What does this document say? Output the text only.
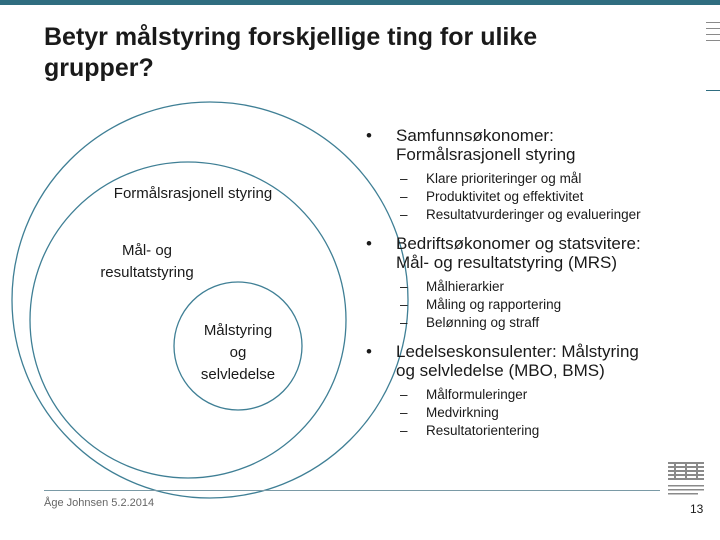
Betyr målstyring forskjellige ting for ulike grupper?
Formålsrasjonell styring
Mål- og
resultatstyring
Målstyring
og
selvledelse
• Samfunnsøkonomer:
Formålsrasjonell styring
– Klare prioriteringer og mål
– Produktivitet og effektivitet
– Resultatvurderinger og evalueringer
• Bedriftsøkonomer og statsvitere:
Mål- og resultatstyring (MRS)
– Målhierarkier
– Måling og rapportering
– Belønning og straff
• Ledelseskonsulenter: Målstyring
og selvledelse (MBO, BMS)
– Målformuleringer
– Medvirkning
– Resultatorientering
Åge Johnsen 5.2.2014	13
